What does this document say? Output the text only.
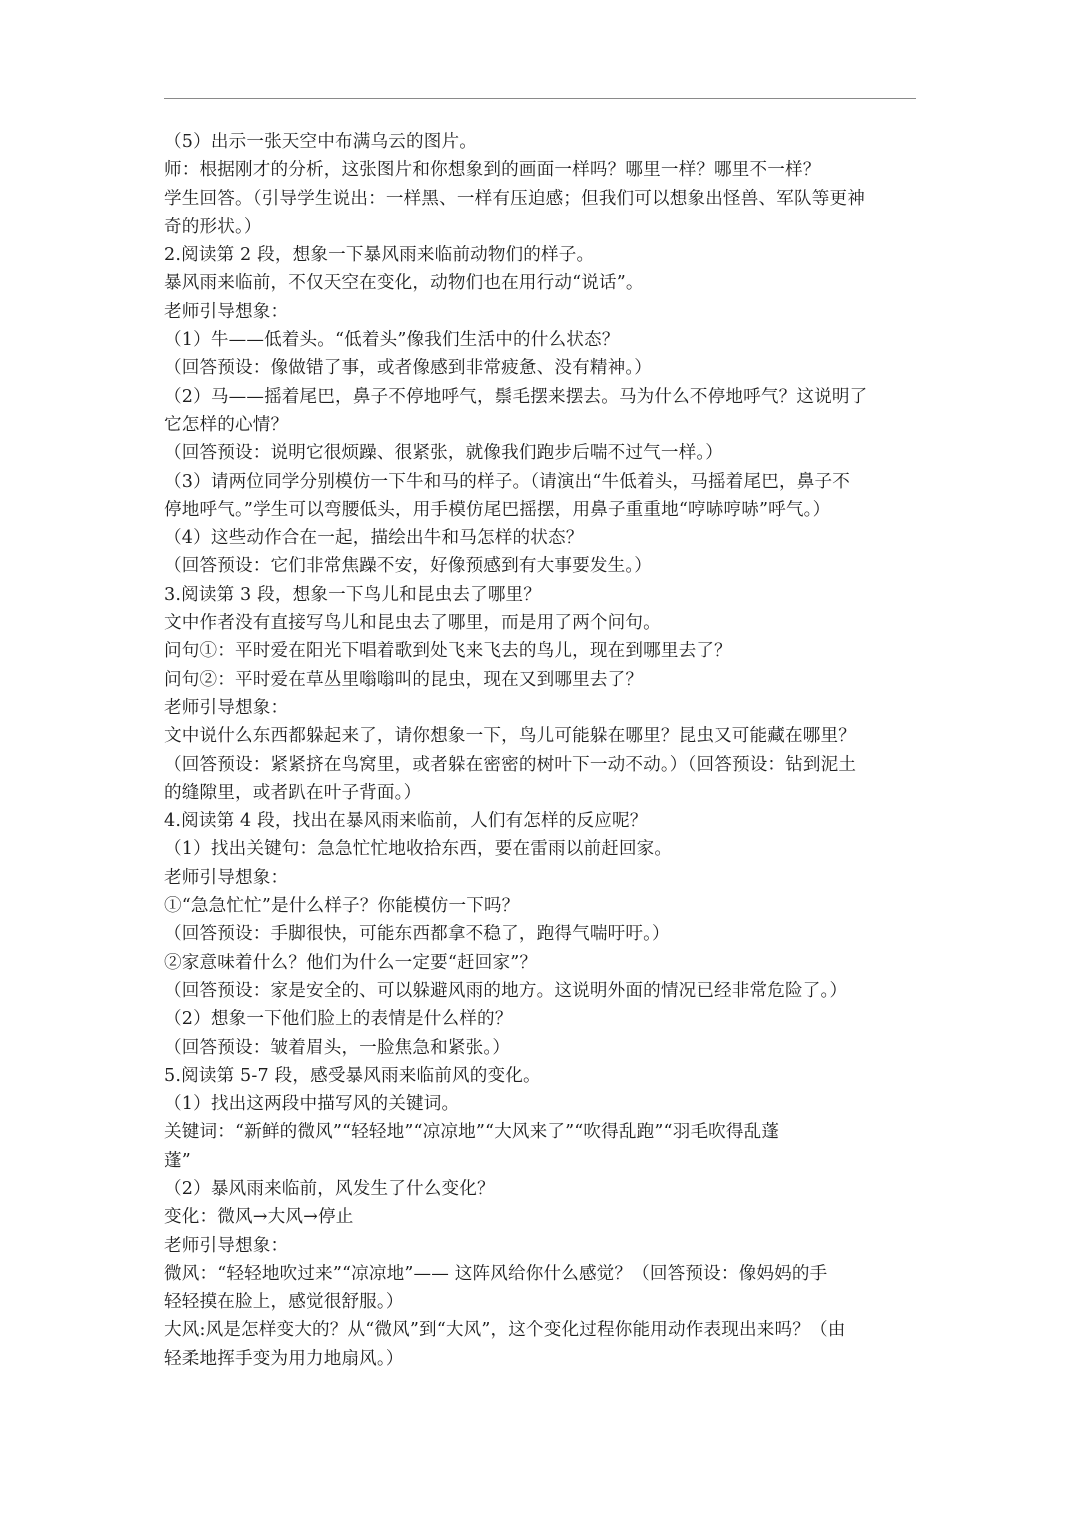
（5）出示一张天空中布满乌云的图片。
师：根据刚才的分析，这张图片和你想象到的画面一样吗？哪里一样？哪里不一样？
学生回答。（引导学生说出：一样黑、一样有压迫感；但我们可以想象出怪兽、军队等更神
奇的形状。）
2.阅读第 2 段，想象一下暴风雨来临前动物们的样子。
暴风雨来临前，不仅天空在变化，动物们也在用行动“说话”。
老师引导想象：
（1）牛——低着头。“低着头”像我们生活中的什么状态？
（回答预设：像做错了事，或者像感到非常疲惫、没有精神。）
（2）马——摇着尾巴，鼻子不停地呼气，鬃毛摆来摆去。马为什么不停地呼气？这说明了
它怎样的心情？
（回答预设：说明它很烦躁、很紧张，就像我们跑步后喘不过气一样。）
（3）请两位同学分别模仿一下牛和马的样子。（请演出“牛低着头，马摇着尾巴，鼻子不
停地呼气。”学生可以弯腰低头，用手模仿尾巴摇摆，用鼻子重重地“哼哧哼哧”呼气。）
（4）这些动作合在一起，描绘出牛和马怎样的状态？
（回答预设：它们非常焦躁不安，好像预感到有大事要发生。）
3.阅读第 3 段，想象一下鸟儿和昆虫去了哪里？
文中作者没有直接写鸟儿和昆虫去了哪里，而是用了两个问句。
问句①：平时爱在阳光下唱着歌到处飞来飞去的鸟儿，现在到哪里去了？
问句②：平时爱在草丛里嗡嗡叫的昆虫，现在又到哪里去了？
老师引导想象：
文中说什么东西都躲起来了，请你想象一下，鸟儿可能躲在哪里？昆虫又可能藏在哪里？
（回答预设：紧紧挤在鸟窝里，或者躲在密密的树叶下一动不动。）（回答预设：钻到泥土
的缝隙里，或者趴在叶子背面。）
4.阅读第 4 段，找出在暴风雨来临前，人们有怎样的反应呢？
（1）找出关键句：急急忙忙地收拾东西，要在雷雨以前赶回家。
老师引导想象：
①“急急忙忙”是什么样子？你能模仿一下吗？
（回答预设：手脚很快，可能东西都拿不稳了，跑得气喘吁吁。）
②家意味着什么？他们为什么一定要“赶回家”？
（回答预设：家是安全的、可以躲避风雨的地方。这说明外面的情况已经非常危险了。）
（2）想象一下他们脸上的表情是什么样的？
（回答预设：皱着眉头，一脸焦急和紧张。）
5.阅读第 5-7 段，感受暴风雨来临前风的变化。
（1）找出这两段中描写风的关键词。
关键词：“新鲜的微风”“轻轻地”“凉凉地”“大风来了”“吹得乱跑”“羽毛吹得乱蓬
蓬”
（2）暴风雨来临前，风发生了什么变化？
变化：微风→大风→停止
老师引导想象：
微风：“轻轻地吹过来”“凉凉地”—— 这阵风给你什么感觉？（回答预设：像妈妈的手
轻轻摸在脸上，感觉很舒服。）
大风:风是怎样变大的？从“微风”到“大风”，这个变化过程你能用动作表现出来吗？（由
轻柔地挥手变为用力地扇风。）
